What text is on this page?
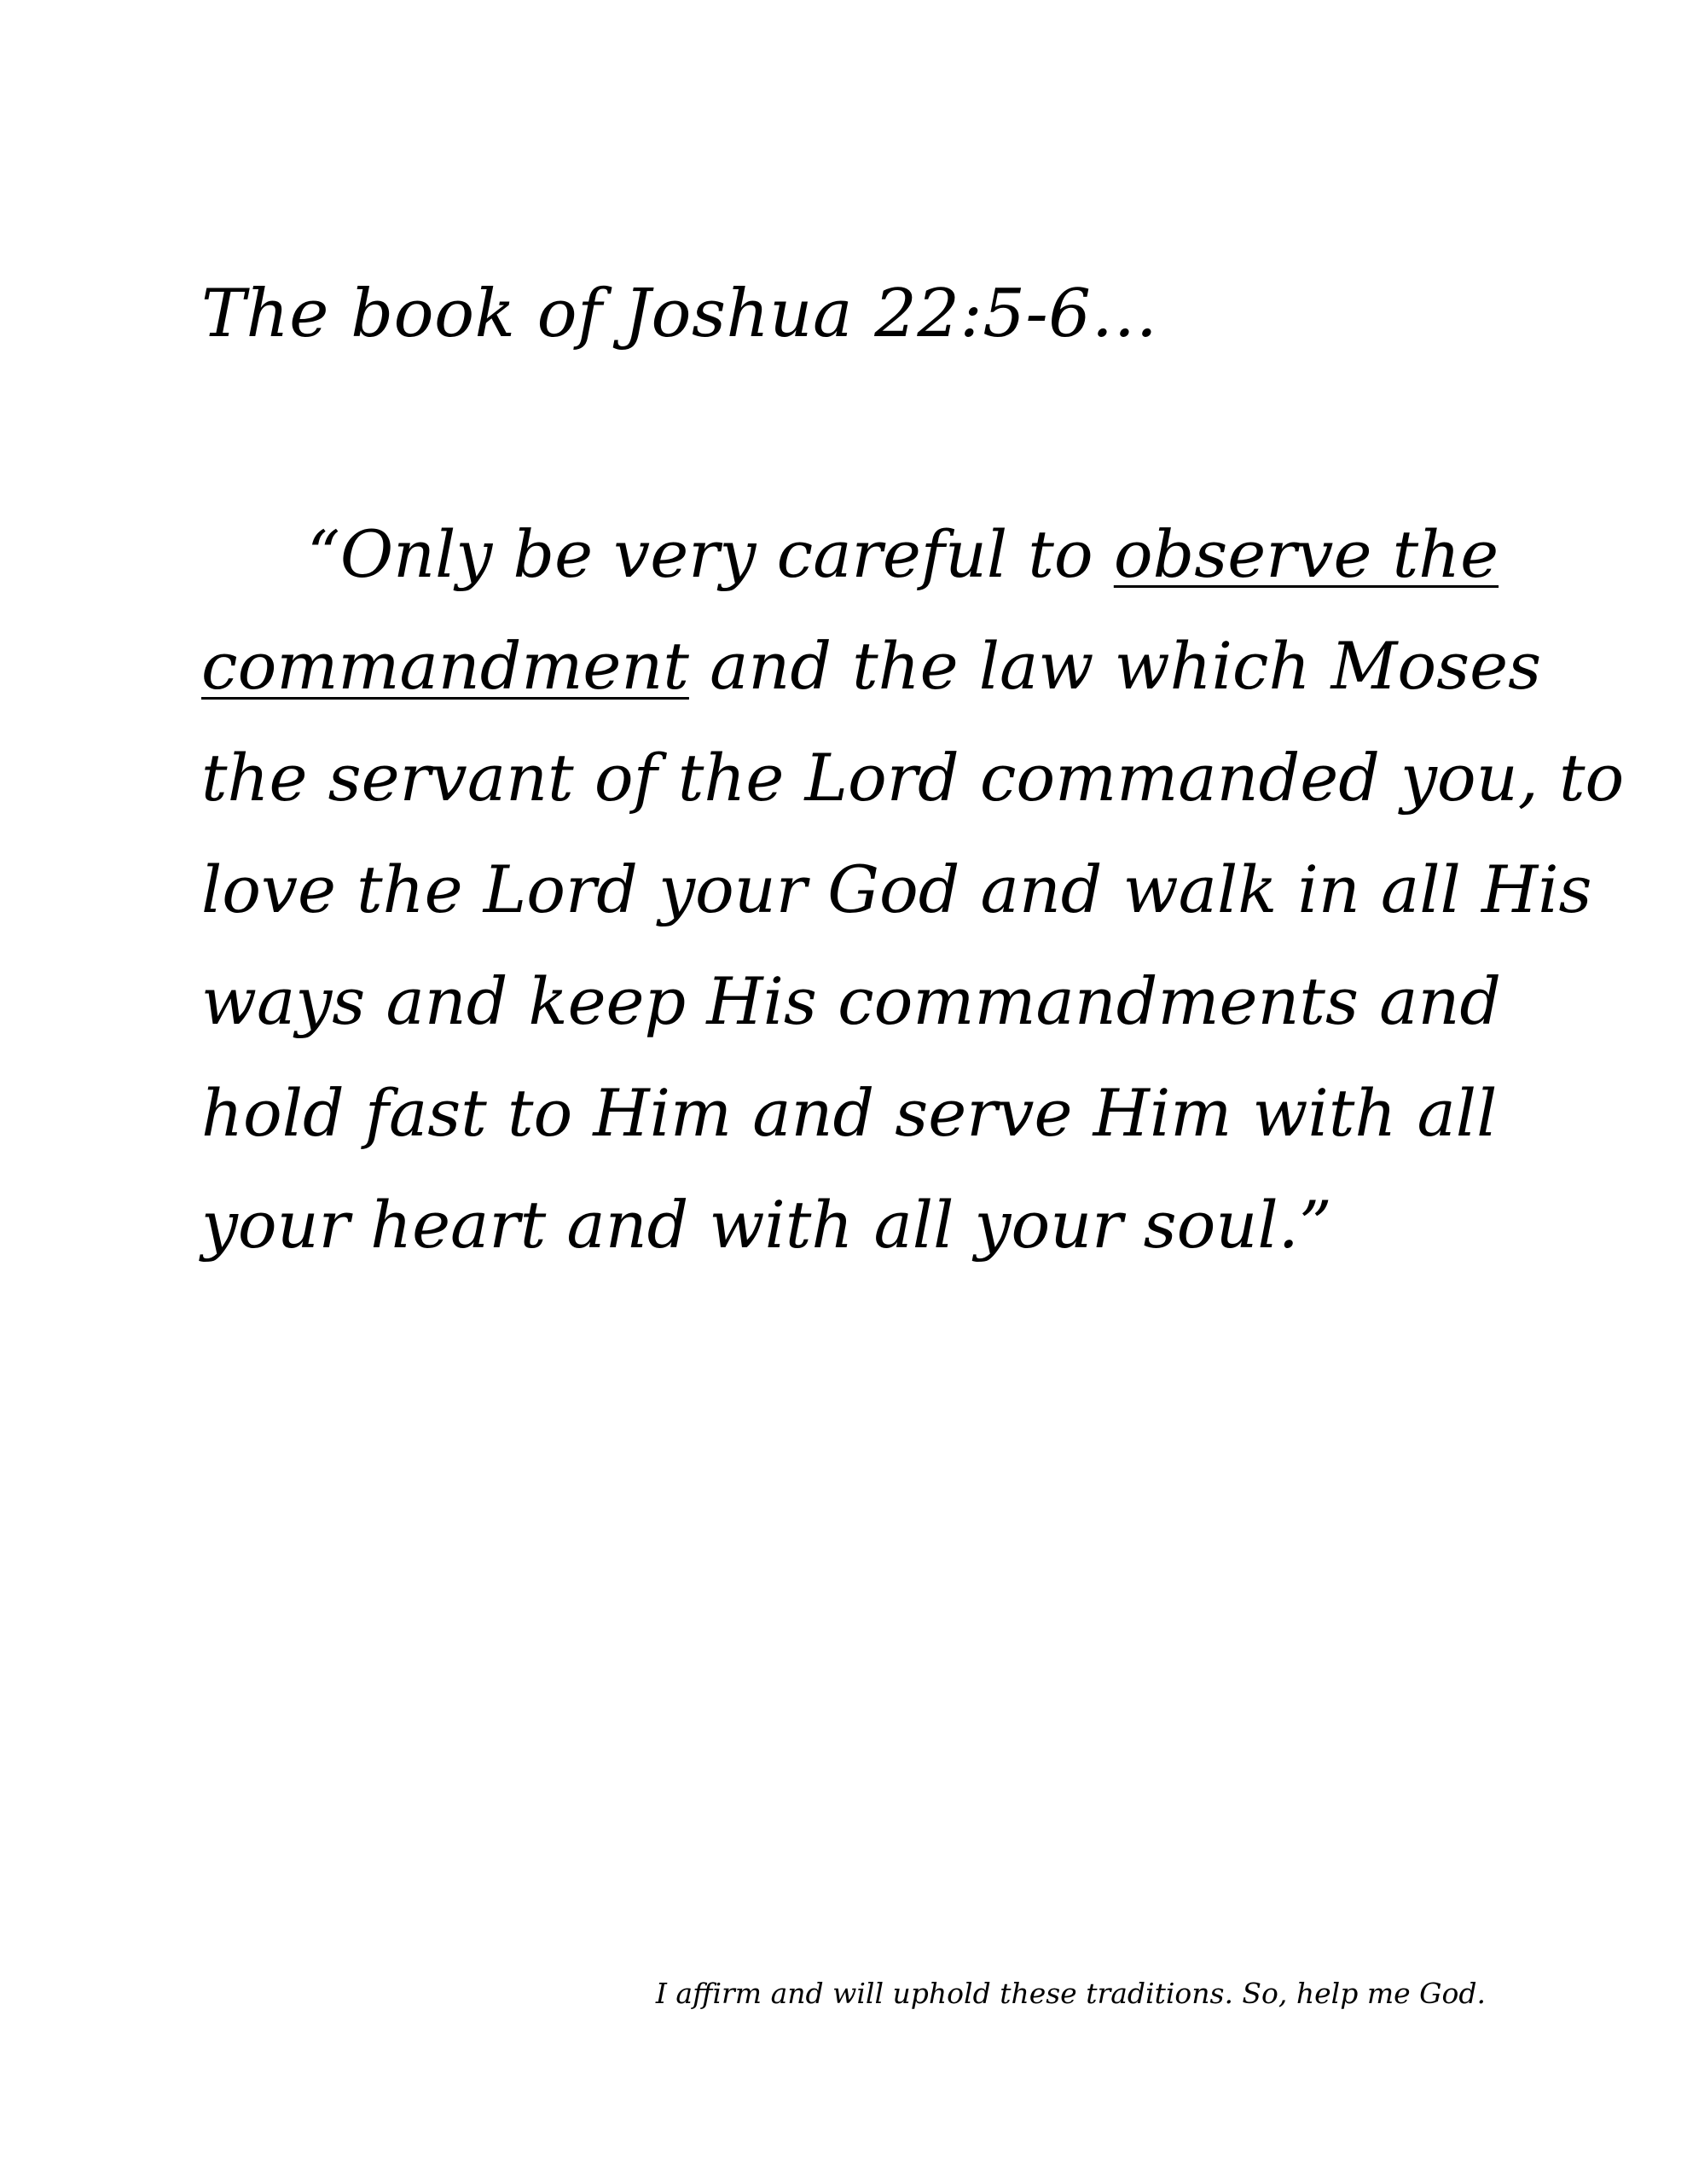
The book of Joshua 22:5-6…
“Only be very careful to observe the
commandment and the law which Moses
the servant of the Lord commanded you, to
love the Lord your God and walk in all His
ways and keep His commandments and
hold fast to Him and serve Him with all
your heart and with all your soul.”

I affirm and will uphold these traditions. So, help me God.
